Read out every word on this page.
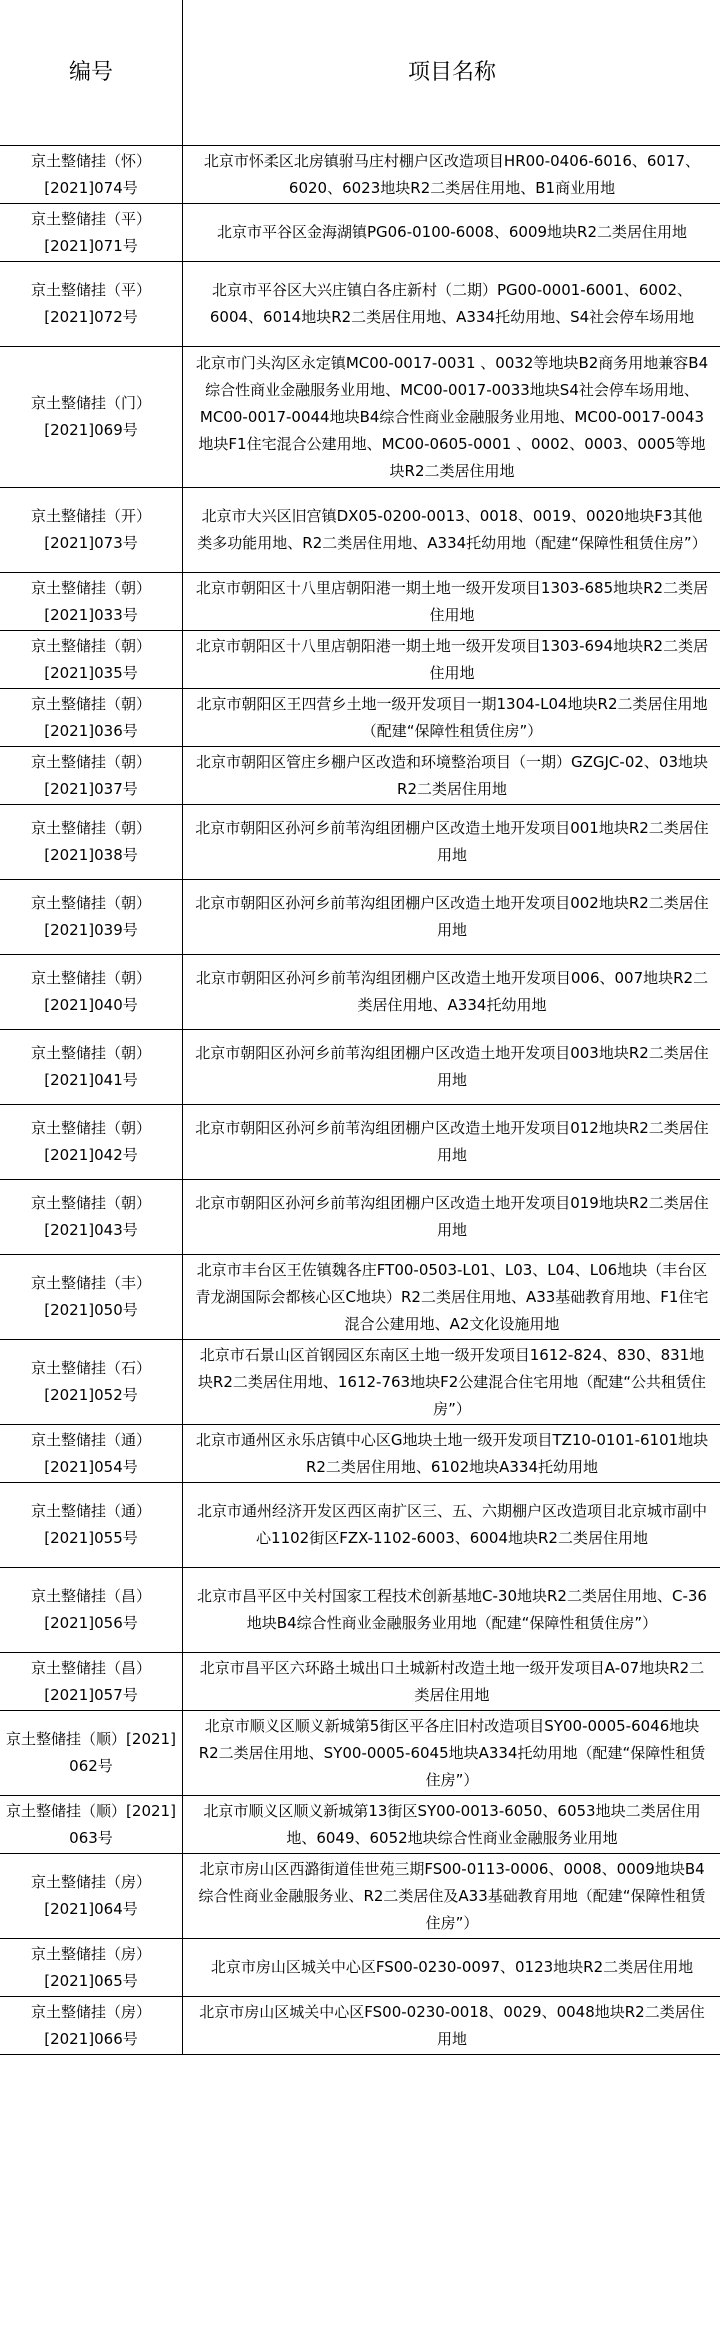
编号	项目名称
京土整储挂（怀）[2021]074号	北京市怀柔区北房镇驸马庄村棚户区改造项目HR00-0406-6016、6017、6020、6023地块R2二类居住用地、B1商业用地
京土整储挂（平）[2021]071号	北京市平谷区金海湖镇PG06-0100-6008、6009地块R2二类居住用地
京土整储挂（平）[2021]072号	北京市平谷区大兴庄镇白各庄新村（二期）PG00-0001-6001、6002、6004、6014地块R2二类居住用地、A334托幼用地、S4社会停车场用地
京土整储挂（门）[2021]069号	北京市门头沟区永定镇MC00-0017-0031 、0032等地块B2商务用地兼容B4综合性商业金融服务业用地、MC00-0017-0033地块S4社会停车场用地、MC00-0017-0044地块B4综合性商业金融服务业用地、MC00-0017-0043地块F1住宅混合公建用地、MC00-0605-0001 、0002、0003、0005等地块R2二类居住用地
京土整储挂（开）[2021]073号	北京市大兴区旧宫镇DX05-0200-0013、0018、0019、0020地块F3其他类多功能用地、R2二类居住用地、A334托幼用地（配建“保障性租赁住房”）
京土整储挂（朝）[2021]033号	北京市朝阳区十八里店朝阳港一期土地一级开发项目1303-685地块R2二类居住用地
京土整储挂（朝）[2021]035号	北京市朝阳区十八里店朝阳港一期土地一级开发项目1303-694地块R2二类居住用地
京土整储挂（朝）[2021]036号	北京市朝阳区王四营乡土地一级开发项目一期1304-L04地块R2二类居住用地（配建“保障性租赁住房”）
京土整储挂（朝）[2021]037号	北京市朝阳区管庄乡棚户区改造和环境整治项目（一期）GZGJC-02、03地块R2二类居住用地
京土整储挂（朝）[2021]038号	北京市朝阳区孙河乡前苇沟组团棚户区改造土地开发项目001地块R2二类居住用地
京土整储挂（朝）[2021]039号	北京市朝阳区孙河乡前苇沟组团棚户区改造土地开发项目002地块R2二类居住用地
京土整储挂（朝）[2021]040号	北京市朝阳区孙河乡前苇沟组团棚户区改造土地开发项目006、007地块R2二类居住用地、A334托幼用地
京土整储挂（朝）[2021]041号	北京市朝阳区孙河乡前苇沟组团棚户区改造土地开发项目003地块R2二类居住用地
京土整储挂（朝）[2021]042号	北京市朝阳区孙河乡前苇沟组团棚户区改造土地开发项目012地块R2二类居住用地
京土整储挂（朝）[2021]043号	北京市朝阳区孙河乡前苇沟组团棚户区改造土地开发项目019地块R2二类居住用地
京土整储挂（丰）[2021]050号	北京市丰台区王佐镇魏各庄FT00-0503-L01、L03、L04、L06地块（丰台区青龙湖国际会都核心区C地块）R2二类居住用地、A33基础教育用地、F1住宅混合公建用地、A2文化设施用地
京土整储挂（石）[2021]052号	北京市石景山区首钢园区东南区土地一级开发项目1612-824、830、831地块R2二类居住用地、1612-763地块F2公建混合住宅用地（配建“公共租赁住房”）
京土整储挂（通）[2021]054号	北京市通州区永乐店镇中心区G地块土地一级开发项目TZ10-0101-6101地块R2二类居住用地、6102地块A334托幼用地
京土整储挂（通）[2021]055号	北京市通州经济开发区西区南扩区三、五、六期棚户区改造项目北京城市副中心1102街区FZX-1102-6003、6004地块R2二类居住用地
京土整储挂（昌）[2021]056号	北京市昌平区中关村国家工程技术创新基地C-30地块R2二类居住用地、C-36地块B4综合性商业金融服务业用地（配建“保障性租赁住房”）
京土整储挂（昌）[2021]057号	北京市昌平区六环路土城出口土城新村改造土地一级开发项目A-07地块R2二类居住用地
京土整储挂（顺）[2021] 062号	北京市顺义区顺义新城第5街区平各庄旧村改造项目SY00-0005-6046地块R2二类居住用地、SY00-0005-6045地块A334托幼用地（配建“保障性租赁住房”）
京土整储挂（顺）[2021] 063号	北京市顺义区顺义新城第13街区SY00-0013-6050、6053地块二类居住用地、6049、6052地块综合性商业金融服务业用地
京土整储挂（房）[2021]064号	北京市房山区西潞街道佳世苑三期FS00-0113-0006、0008、0009地块B4综合性商业金融服务业、R2二类居住及A33基础教育用地（配建“保障性租赁住房”）
京土整储挂（房）[2021]065号	北京市房山区城关中心区FS00-0230-0097、0123地块R2二类居住用地
京土整储挂（房）[2021]066号	北京市房山区城关中心区FS00-0230-0018、0029、0048地块R2二类居住用地
